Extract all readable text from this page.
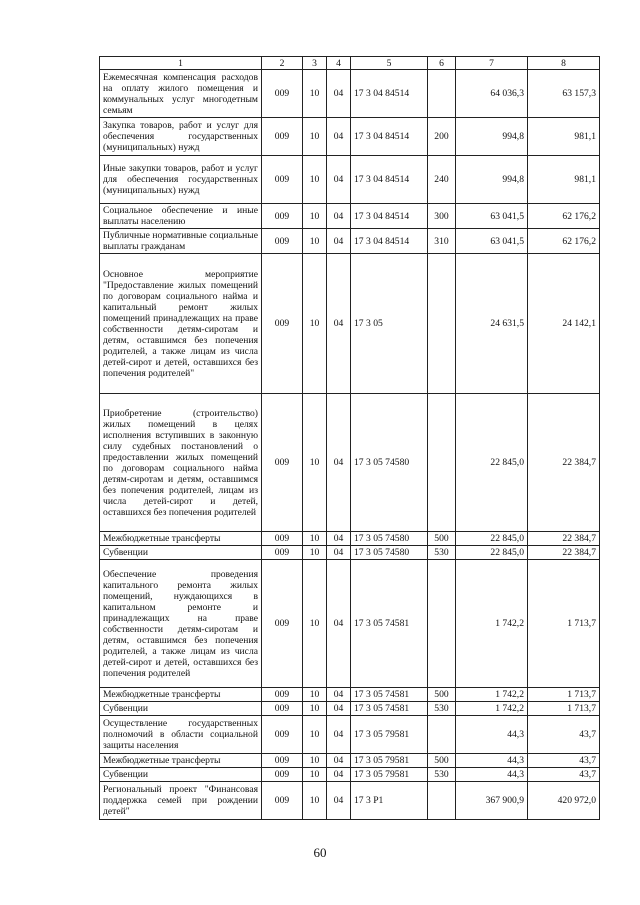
1	2	3	4	5	6	7	8
Ежемесячная компенсация расходов на оплату жилого помещения и коммунальных услуг многодетным семьям	009	10	04	17 3 04 84514		64 036,3	63 157,3
Закупка товаров, работ и услуг для обеспечения государственных (муниципальных) нужд	009	10	04	17 3 04 84514	200	994,8	981,1
Иные закупки товаров, работ и услуг для обеспечения государственных (муниципальных) нужд	009	10	04	17 3 04 84514	240	994,8	981,1
Социальное обеспечение и иные выплаты населению	009	10	04	17 3 04 84514	300	63 041,5	62 176,2
Публичные нормативные социальные выплаты гражданам	009	10	04	17 3 04 84514	310	63 041,5	62 176,2
Основное мероприятие "Предоставление жилых помещений по договорам социального найма и капитальный ремонт жилых помещений принадлежащих на праве собственности детям-сиротам и детям, оставшимся без попечения родителей, а также лицам из числа детей-сирот и детей, оставшихся без попечения родителей"	009	10	04	17 3 05		24 631,5	24 142,1
Приобретение (строительство) жилых помещений в целях исполнения вступивших в законную силу судебных постановлений о предоставлении жилых помещений по договорам социального найма детям-сиротам и детям, оставшимся без попечения родителей, лицам из числа детей-сирот и детей, оставшихся без попечения родителей	009	10	04	17 3 05 74580		22 845,0	22 384,7
Межбюджетные трансферты	009	10	04	17 3 05 74580	500	22 845,0	22 384,7
Субвенции	009	10	04	17 3 05 74580	530	22 845,0	22 384,7
Обеспечение проведения капитального ремонта жилых помещений, нуждающихся в капитальном ремонте и принадлежащих на праве собственности детям-сиротам и детям, оставшимся без попечения родителей, а также лицам из числа детей-сирот и детей, оставшихся без попечения родителей	009	10	04	17 3 05 74581		1 742,2	1 713,7
Межбюджетные трансферты	009	10	04	17 3 05 74581	500	1 742,2	1 713,7
Субвенции	009	10	04	17 3 05 74581	530	1 742,2	1 713,7
Осуществление государственных полномочий в области социальной защиты населения	009	10	04	17 3 05 79581		44,3	43,7
Межбюджетные трансферты	009	10	04	17 3 05 79581	500	44,3	43,7
Субвенции	009	10	04	17 3 05 79581	530	44,3	43,7
Региональный проект "Финансовая поддержка семей при рождении детей"	009	10	04	17 3 P1		367 900,9	420 972,0
60
